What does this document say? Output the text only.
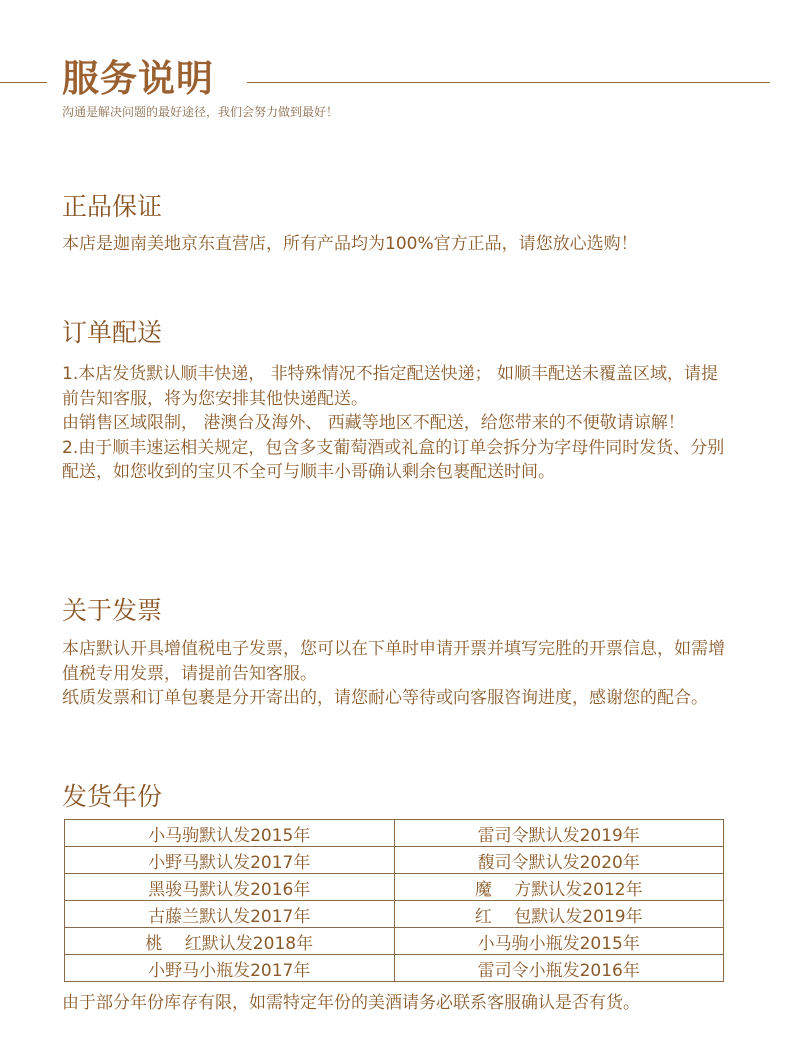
服务说明
沟通是解决问题的最好途径，我们会努力做到最好！
正品保证

本店是迦南美地京东直营店，所有产品均为100%官方正品，请您放心选购！

订单配送

1.本店发货默认顺丰快递， 非特殊情况不指定配送快递； 如顺丰配送未覆盖区域，请提前告知客服，将为您安排其他快递配送。

由销售区域限制， 港澳台及海外、 西藏等地区不配送，给您带来的不便敬请谅解！

2.由于顺丰速运相关规定，包含多支葡萄酒或礼盒的订单会拆分为字母件同时发货、分别配送，如您收到的宝贝不全可与顺丰小哥确认剩余包裹配送时间。

关于发票

本店默认开具增值税电子发票，您可以在下单时申请开票并填写完胜的开票信息，如需增值税专用发票，请提前告知客服。

纸质发票和订单包裹是分开寄出的，请您耐心等待或向客服咨询进度，感谢您的配合。

发货年份
小马驹默认发2015年	雷司令默认发2019年
小野马默认发2017年	馥司令默认发2020年
黑骏马默认发2016年	魔　 方默认发2012年
古藤兰默认发2017年	红　 包默认发2019年
桃　 红默认发2018年	小马驹小瓶发2015年
小野马小瓶发2017年	雷司令小瓶发2016年
由于部分年份库存有限，如需特定年份的美酒请务必联系客服确认是否有货。
